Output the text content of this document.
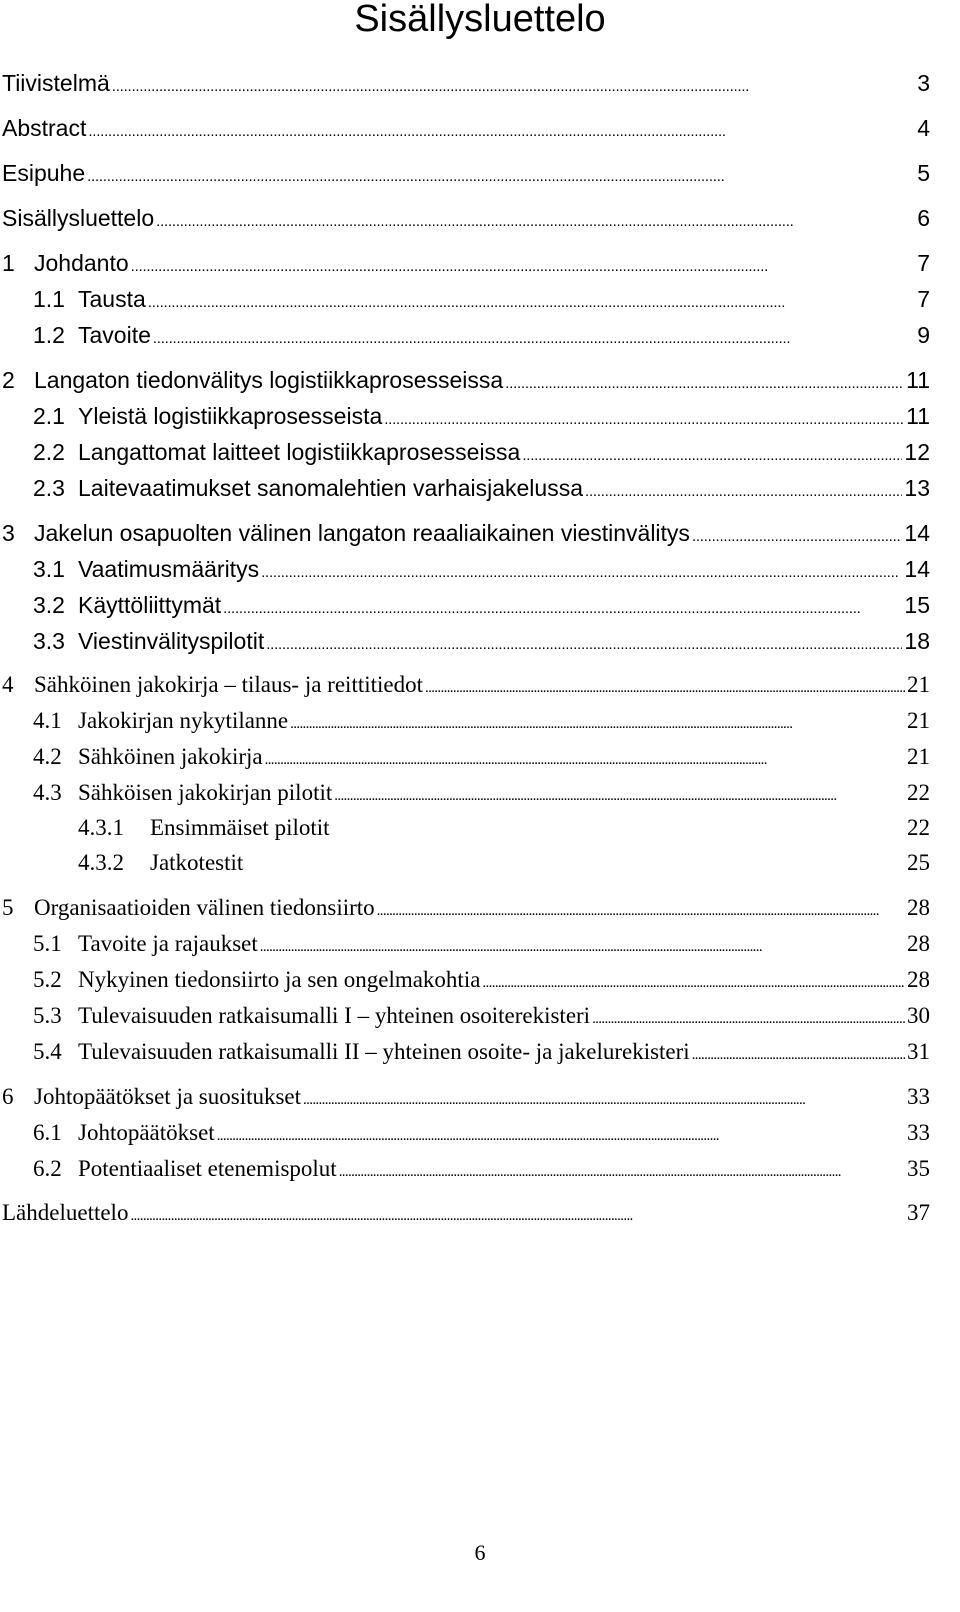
Sisällysluettelo
Tiivistelmä . . .	3
Abstract . . .	4
Esipuhe . . .	5
Sisällysluettelo . . .	6
1 Johdanto . . .	7
1.1 Tausta . . .	7
1.2 Tavoite . . .	9
2 Langaton tiedonvälitys logistiikkaprosesseissa . . .	11
2.1 Yleistä logistiikkaprosesseista . . .	11
2.2 Langattomat laitteet logistiikkaprosesseissa . . .	12
2.3 Laitevaatimukset sanomalehtien varhaisjakelussa . . .	13
3 Jakelun osapuolten välinen langaton reaaliaikainen viestinvälitys . . .	14
3.1 Vaatimusmääritys . . .	14
3.2 Käyttöliittymät . . .	15
3.3 Viestinvälityspilotit . . .	18
4 Sähköinen jakokirja – tilaus- ja reittitiedot . . .	21
4.1 Jakokirjan nykytilanne . . .	21
4.2 Sähköinen jakokirja . . .	21
4.3 Sähköisen jakokirjan pilotit . . .	22
4.3.1	Ensimmäiset pilotit	22
4.3.2	Jatkotestit	25
5 Organisaatioiden välinen tiedonsiirto . . .	28
5.1 Tavoite ja rajaukset . . .	28
5.2 Nykyinen tiedonsiirto ja sen ongelmakohtia . . .	28
5.3 Tulevaisuuden ratkaisumalli I – yhteinen osoiterekisteri . . .	30
5.4 Tulevaisuuden ratkaisumalli II – yhteinen osoite- ja jakelurekisteri . . .	31
6 Johtopäätökset ja suositukset . . .	33
6.1 Johtopäätökset . . .	33
6.2 Potentiaaliset etenemispolut . . .	35
Lähdeluettelo . . .	37
6
